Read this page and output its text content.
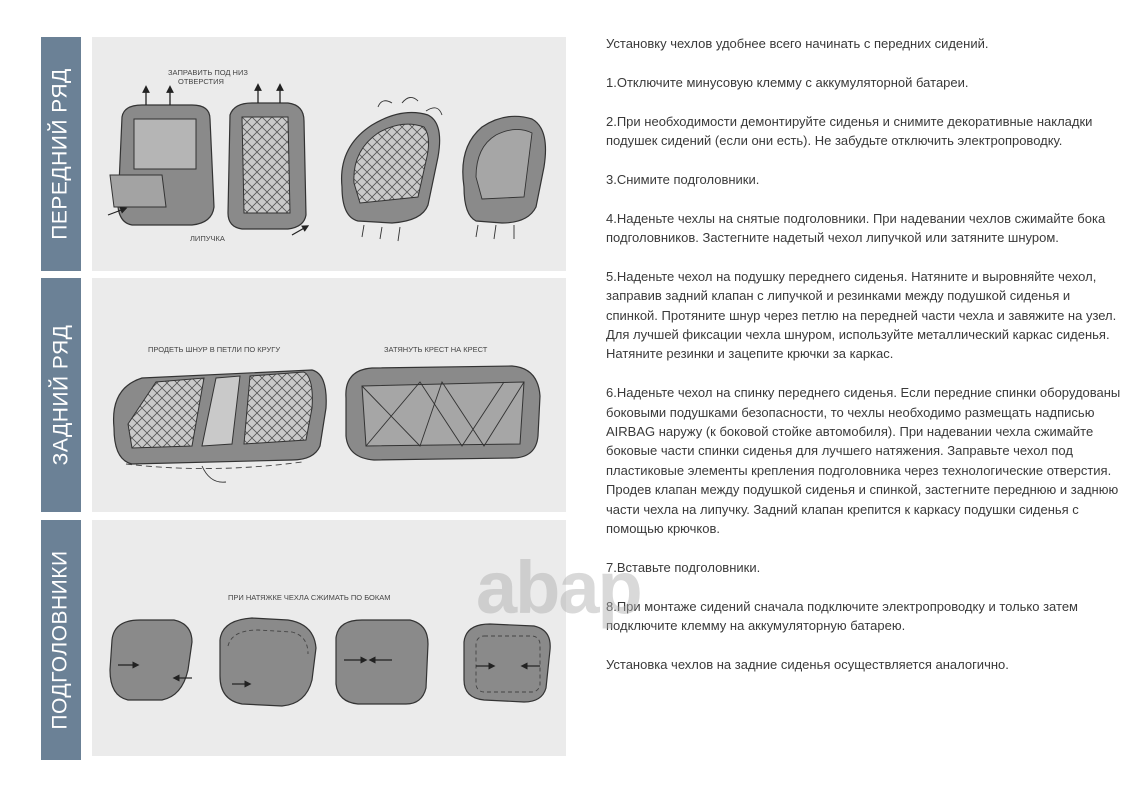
ПЕРЕДНИЙ РЯД
ЗАДНИЙ РЯД
ПОДГОЛОВНИКИ
ЗАПРАВИТЬ ПОД НИЗ
ОТВЕРСТИЯ
ЛИПУЧКА
ПРОДЕТЬ ШНУР В ПЕТЛИ ПО КРУГУ	ЗАТЯНУТЬ КРЕСТ НА КРЕСТ
ПРИ НАТЯЖКЕ ЧЕХЛА СЖИМАТЬ ПО БОКАМ

Установку чехлов удобнее всего начинать с передних сидений.

1.Отключите минусовую клемму с аккумуляторной батареи.

2.При необходимости демонтируйте сиденья и снимите декоративные накладки подушек сидений (если они есть). Не забудьте отключить электропроводку.

3.Снимите подголовники.

4.Наденьте чехлы на снятые подголовники. При надевании чехлов сжимайте бока подголовников. Застегните надетый чехол липучкой или затяните шнуром.

5.Наденьте чехол на подушку переднего сиденья. Натяните и выровняйте чехол, заправив задний клапан с липучкой и резинками между подушкой сиденья и спинкой. Протяните шнур через петлю на передней части чехла и завяжите на узел. Для лучшей фиксации чехла шнуром, используйте металлический каркас сиденья. Натяните резинки и зацепите крючки за каркас.

6.Наденьте чехол на спинку переднего сиденья. Если передние спинки оборудованы боковыми подушками безопасности, то чехлы необходимо размещать надписью AIRBAG наружу (к боковой стойке автомобиля). При надевании чехла сжимайте боковые части спинки сиденья для лучшего натяжения. Заправьте чехол под пластиковые элементы крепления подголовника через технологические отверстия. Продев клапан между подушкой сиденья и спинкой, застегните переднюю и заднюю части чехла на липучку. Задний клапан крепится к каркасу подушки сиденья с помощью крючков.

7.Вставьте подголовники.

8.При монтаже сидений сначала подключите электропроводку и только затем подключите клемму на аккумуляторную батарею.

Установка чехлов на задние сиденья осуществляется аналогично.

abap
